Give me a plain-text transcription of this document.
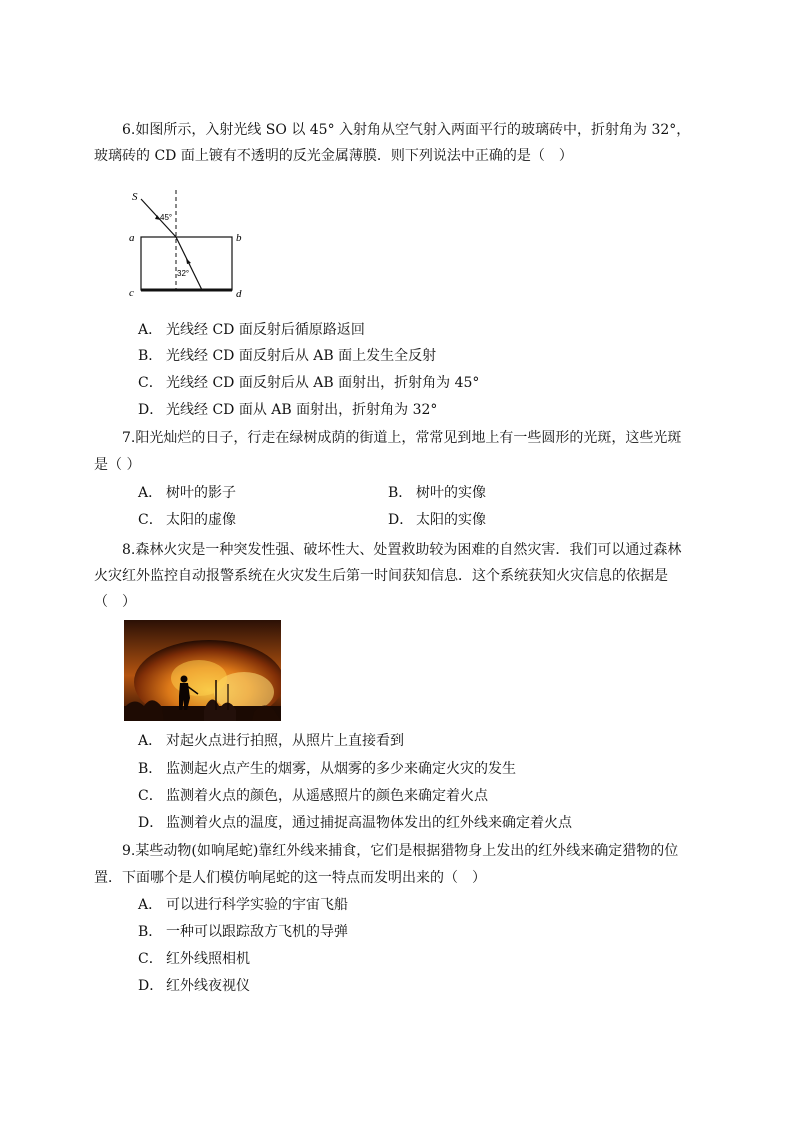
6.如图所示，入射光线 SO 以 45° 入射角从空气射入两面平行的玻璃砖中，折射角为 32°，
玻璃砖的 CD 面上镀有不透明的反光金属薄膜．则下列说法中正确的是（　）
S
a	b
c	d
45°
32°
A． 光线经 CD 面反射后循原路返回
B． 光线经 CD 面反射后从 AB 面上发生全反射
C． 光线经 CD 面反射后从 AB 面射出，折射角为 45°
D． 光线经 CD 面从 AB 面射出，折射角为 32°
7.阳光灿烂的日子，行走在绿树成荫的街道上，常常见到地上有一些圆形的光斑，这些光斑
是（ ）
A． 树叶的影子	B． 树叶的实像
C． 太阳的虚像	D． 太阳的实像
8.森林火灾是一种突发性强、破坏性大、处置救助较为困难的自然灾害．我们可以通过森林
火灾红外监控自动报警系统在火灾发生后第一时间获知信息．这个系统获知火灾信息的依据是
（　）
A． 对起火点进行拍照，从照片上直接看到
B． 监测起火点产生的烟雾，从烟雾的多少来确定火灾的发生
C． 监测着火点的颜色，从遥感照片的颜色来确定着火点
D． 监测着火点的温度，通过捕捉高温物体发出的红外线来确定着火点
9.某些动物(如响尾蛇)靠红外线来捕食，它们是根据猎物身上发出的红外线来确定猎物的位
置．下面哪个是人们模仿响尾蛇的这一特点而发明出来的（　）
A． 可以进行科学实验的宇宙飞船
B． 一种可以跟踪敌方飞机的导弹
C． 红外线照相机
D． 红外线夜视仪
